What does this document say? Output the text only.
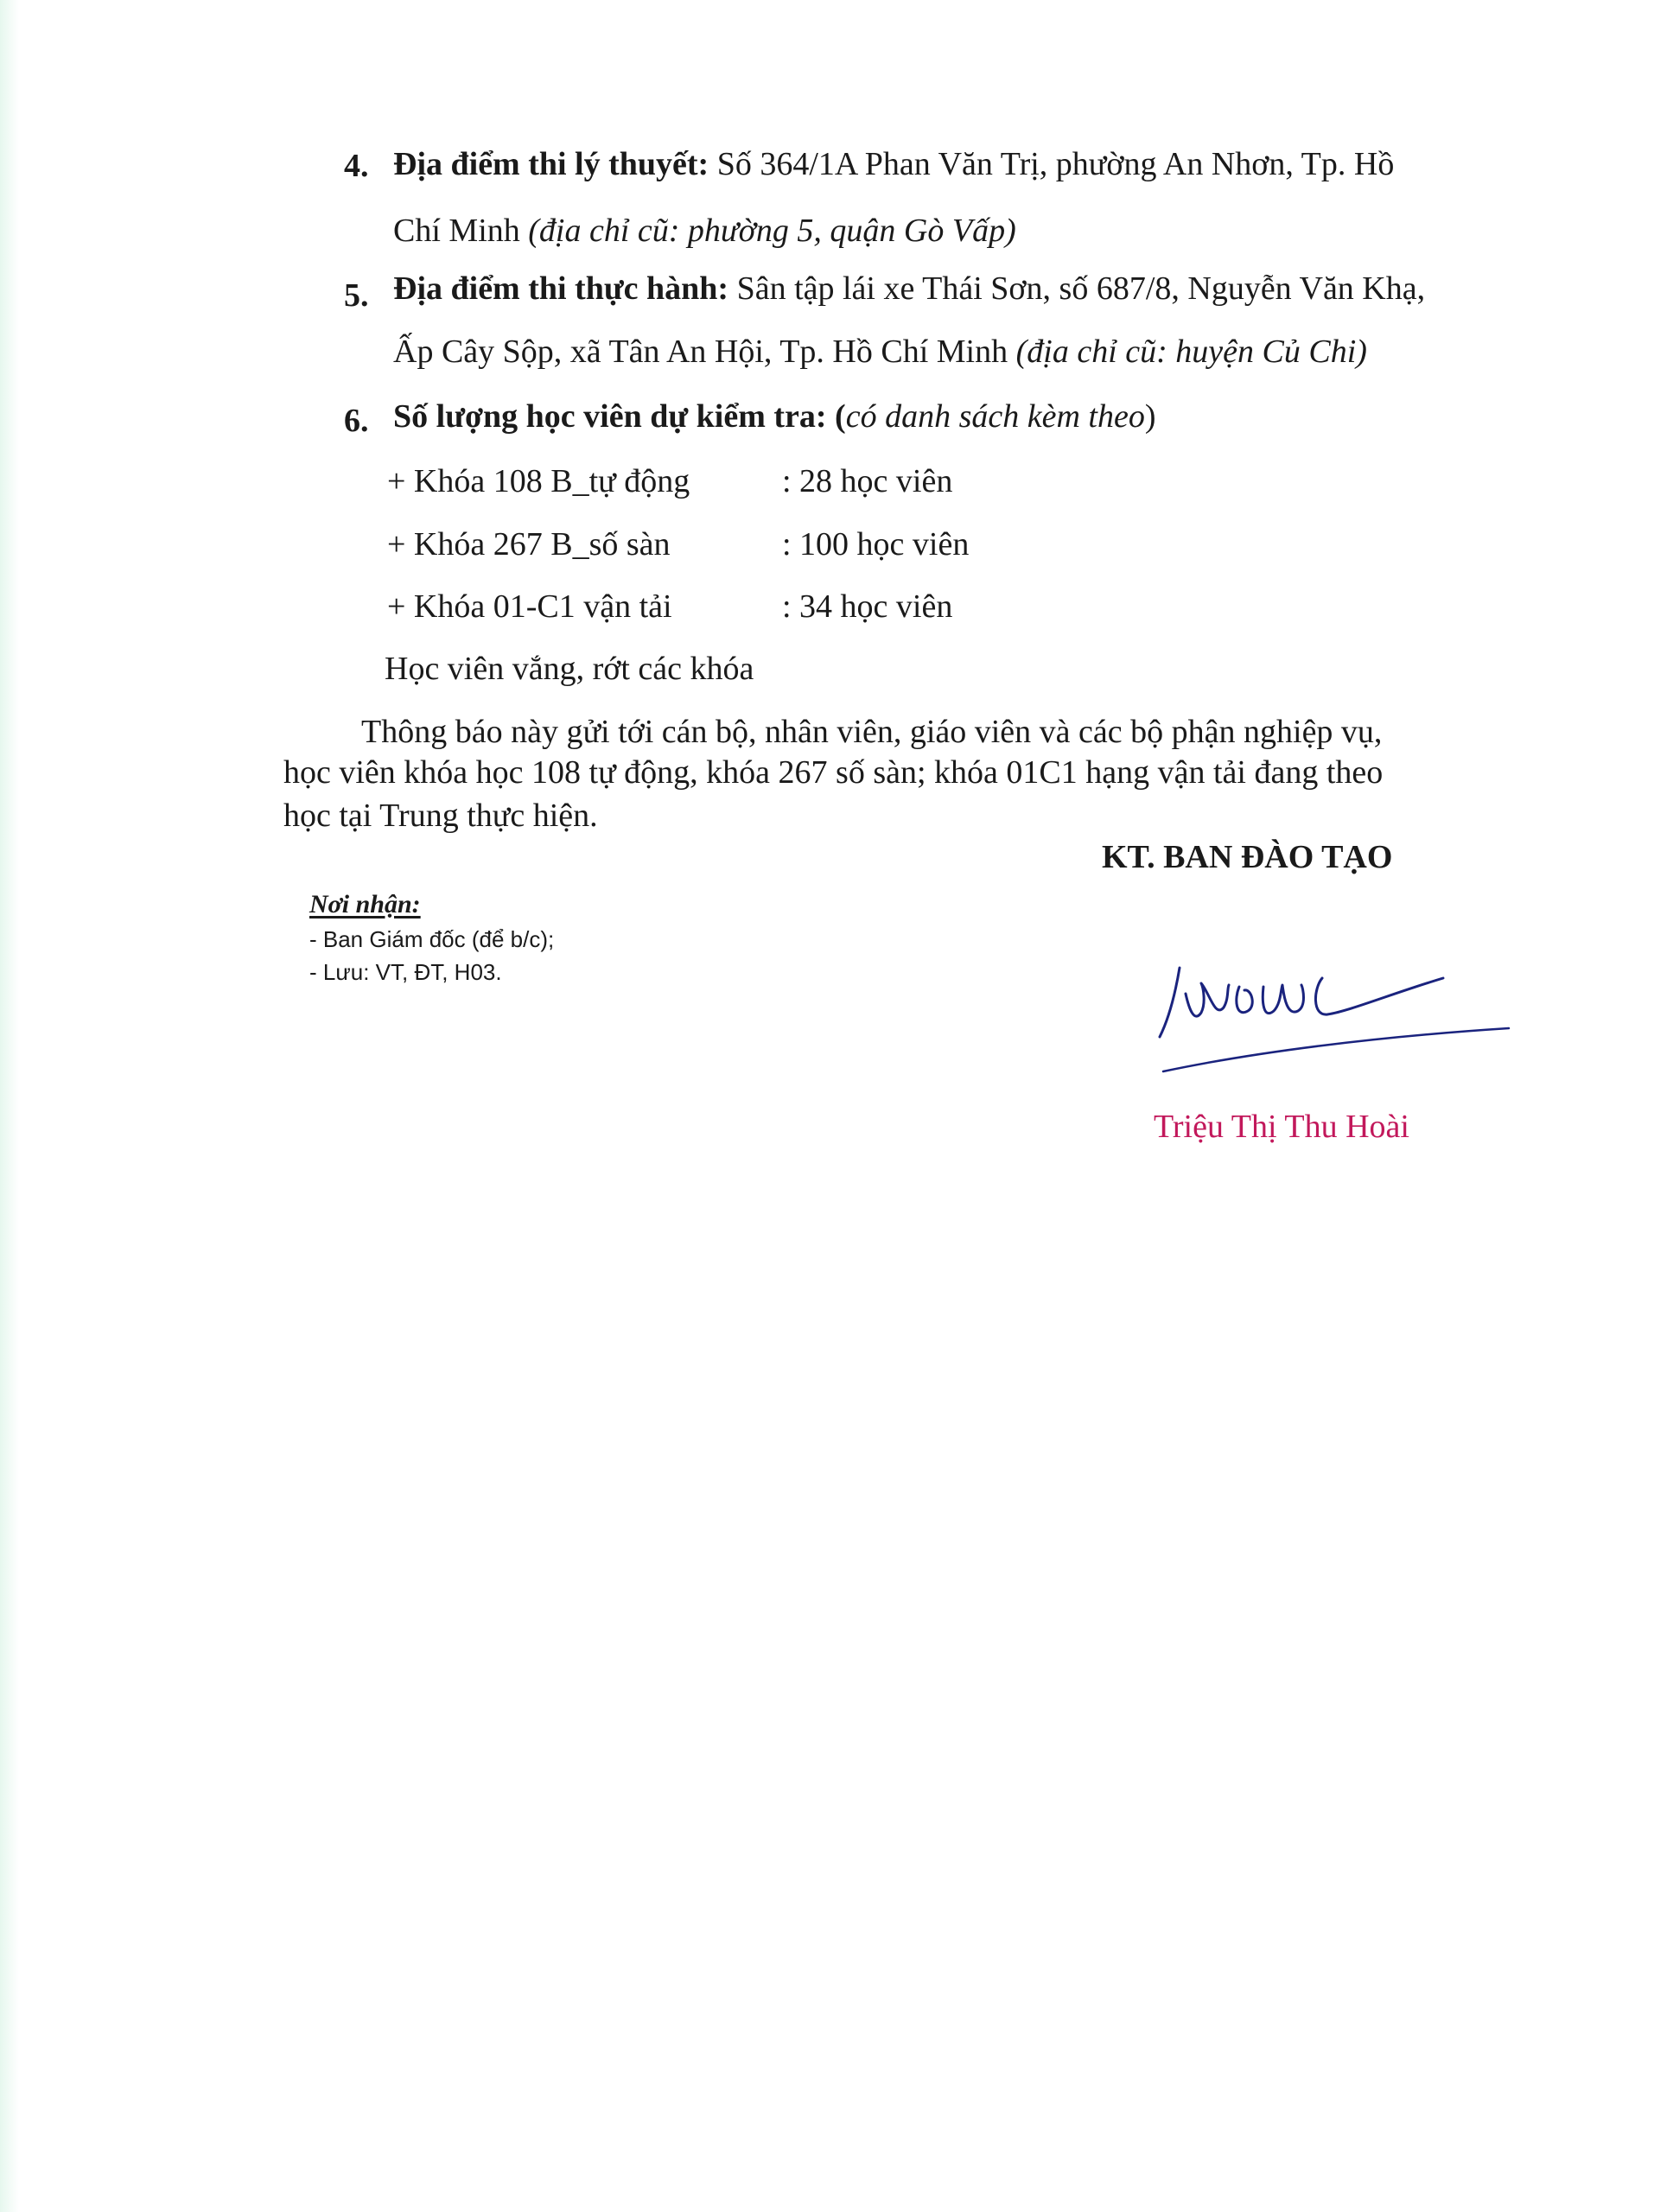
4. Địa điểm thi lý thuyết: Số 364/1A Phan Văn Trị, phường An Nhơn, Tp. Hồ
Chí Minh (địa chỉ cũ: phường 5, quận Gò Vấp)
5. Địa điểm thi thực hành: Sân tập lái xe Thái Sơn, số 687/8, Nguyễn Văn Khạ,
Ấp Cây Sộp, xã Tân An Hội, Tp. Hồ Chí Minh (địa chỉ cũ: huyện Củ Chi)
6. Số lượng học viên dự kiểm tra: (có danh sách kèm theo)
+ Khóa 108 B_tự động	: 28 học viên
+ Khóa 267 B_số sàn	: 100 học viên
+ Khóa 01-C1 vận tải	: 34 học viên
Học viên vắng, rớt các khóa
Thông báo này gửi tới cán bộ, nhân viên, giáo viên và các bộ phận nghiệp vụ,
học viên khóa học 108 tự động, khóa 267 số sàn; khóa 01C1 hạng vận tải đang theo
học tại Trung thực hiện.
KT. BAN ĐÀO TẠO
Nơi nhận:
- Ban Giám đốc (để b/c);
- Lưu: VT, ĐT, H03.
Triệu Thị Thu Hoài
